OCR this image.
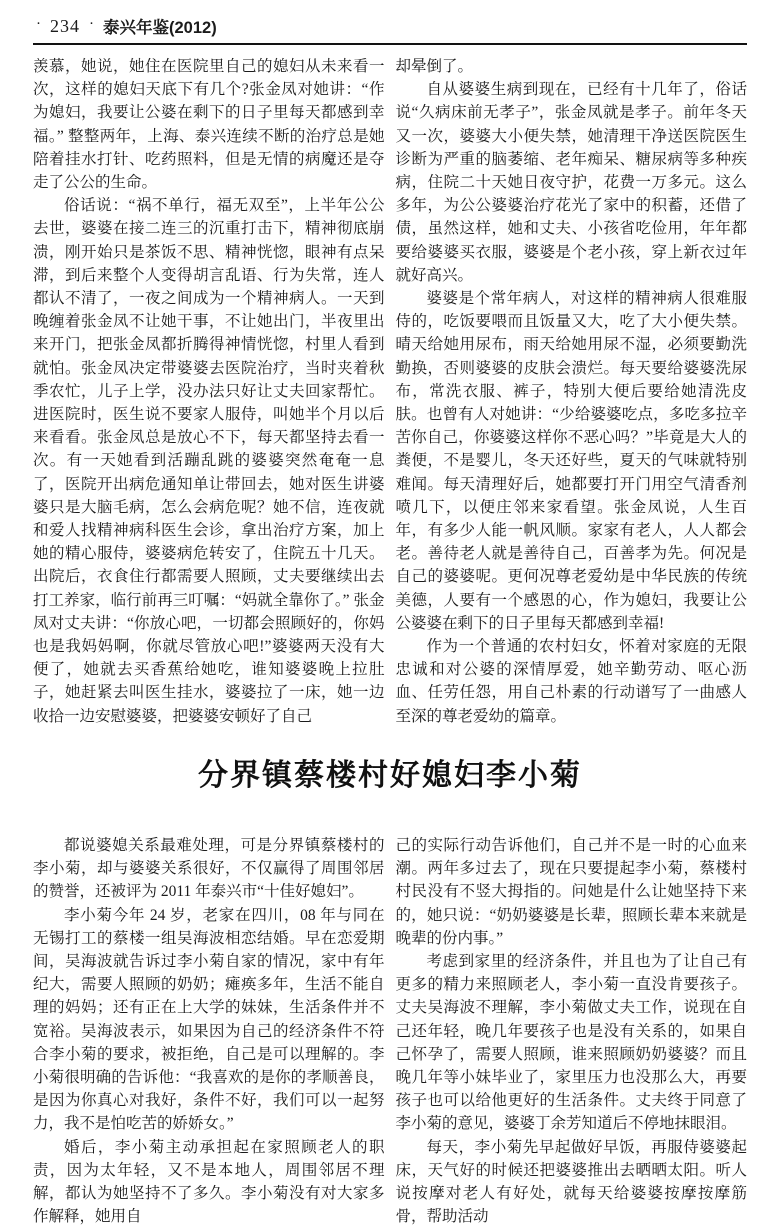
· 234 · 泰兴年鉴(2012)

羡慕，她说，她住在医院里自己的媳妇从未来看一次，这样的媳妇天底下有几个?张金凤对她讲：“作为媳妇，我要让公婆在剩下的日子里每天都感到幸福。” 整整两年，上海、泰兴连续不断的治疗总是她陪着挂水打针、吃药照料，但是无情的病魔还是夺走了公公的生命。

俗话说：“祸不单行，福无双至”，上半年公公去世，婆婆在接二连三的沉重打击下，精神彻底崩溃，刚开始只是茶饭不思、精神恍惚，眼神有点呆滞，到后来整个人变得胡言乱语、行为失常，连人都认不清了，一夜之间成为一个精神病人。一天到晚缠着张金凤不让她干事，不让她出门，半夜里出来开门，把张金凤都折腾得神情恍惚，村里人看到就怕。张金凤决定带婆婆去医院治疗，当时夹着秋季农忙，儿子上学，没办法只好让丈夫回家帮忙。进医院时，医生说不要家人服侍，叫她半个月以后来看看。张金凤总是放心不下，每天都坚持去看一次。有一天她看到活蹦乱跳的婆婆突然奄奄一息了，医院开出病危通知单让带回去，她对医生讲婆婆只是大脑毛病，怎么会病危呢？她不信，连夜就和爱人找精神病科医生会诊，拿出治疗方案，加上她的精心服侍，婆婆病危转安了，住院五十几天。出院后，衣食住行都需要人照顾，丈夫要继续出去打工养家，临行前再三叮嘱：“妈就全靠你了。” 张金凤对丈夫讲：“你放心吧，一切都会照顾好的，你妈也是我妈妈啊，你就尽管放心吧!”婆婆两天没有大便了，她就去买香蕉给她吃，谁知婆婆晚上拉肚子，她赶紧去叫医生挂水，婆婆拉了一床，她一边收拾一边安慰婆婆，把婆婆安顿好了自己

却晕倒了。

自从婆婆生病到现在，已经有十几年了，俗话说“久病床前无孝子”，张金凤就是孝子。前年冬天又一次，婆婆大小便失禁，她清理干净送医院医生诊断为严重的脑萎缩、老年痴呆、糖尿病等多种疾病，住院二十天她日夜守护，花费一万多元。这么多年，为公公婆婆治疗花光了家中的积蓄，还借了债，虽然这样，她和丈夫、小孩省吃俭用，年年都要给婆婆买衣服，婆婆是个老小孩，穿上新衣过年就好高兴。

婆婆是个常年病人，对这样的精神病人很难服侍的，吃饭要喂而且饭量又大，吃了大小便失禁。晴天给她用尿布，雨天给她用尿不湿，必须要勤洗勤换，否则婆婆的皮肤会溃烂。每天要给婆婆洗尿布，常洗衣服、裤子，特别大便后要给她清洗皮肤。也曾有人对她讲：“少给婆婆吃点，多吃多拉辛苦你自己，你婆婆这样你不恶心吗？”毕竟是大人的粪便，不是婴儿，冬天还好些，夏天的气味就特别难闻。每天清理好后，她都要打开门用空气清香剂喷几下，以便庄邻来家看望。张金凤说，人生百年，有多少人能一帆风顺。家家有老人，人人都会老。善待老人就是善待自己，百善孝为先。何况是自己的婆婆呢。更何况尊老爱幼是中华民族的传统美德，人要有一个感恩的心，作为媳妇，我要让公公婆婆在剩下的日子里每天都感到幸福!

作为一个普通的农村妇女，怀着对家庭的无限忠诚和对公婆的深情厚爱，她辛勤劳动、呕心沥血、任劳任怨，用自己朴素的行动谱写了一曲感人至深的尊老爱幼的篇章。

分界镇蔡楼村好媳妇李小菊

都说婆媳关系最难处理，可是分界镇蔡楼村的李小菊，却与婆婆关系很好，不仅赢得了周围邻居的赞誉，还被评为 2011 年泰兴市“十佳好媳妇”。

李小菊今年 24 岁，老家在四川，08 年与同在无锡打工的蔡楼一组吴海波相恋结婚。早在恋爱期间，吴海波就告诉过李小菊自家的情况，家中有年纪大，需要人照顾的奶奶；瘫痪多年，生活不能自理的妈妈；还有正在上大学的妹妹，生活条件并不宽裕。吴海波表示，如果因为自己的经济条件不符合李小菊的要求，被拒绝，自己是可以理解的。李小菊很明确的告诉他：“我喜欢的是你的孝顺善良，是因为你真心对我好，条件不好，我们可以一起努力，我不是怕吃苦的娇娇女。”

婚后，李小菊主动承担起在家照顾老人的职责，因为太年轻，又不是本地人，周围邻居不理解，都认为她坚持不了多久。李小菊没有对大家多作解释，她用自

己的实际行动告诉他们，自己并不是一时的心血来潮。两年多过去了，现在只要提起李小菊，蔡楼村村民没有不竖大拇指的。问她是什么让她坚持下来的，她只说：“奶奶婆婆是长辈，照顾长辈本来就是晚辈的份内事。”

考虑到家里的经济条件，并且也为了让自己有更多的精力来照顾老人，李小菊一直没肯要孩子。丈夫吴海波不理解，李小菊做丈夫工作，说现在自己还年轻，晚几年要孩子也是没有关系的，如果自己怀孕了，需要人照顾，谁来照顾奶奶婆婆？而且晚几年等小妹毕业了，家里压力也没那么大，再要孩子也可以给他更好的生活条件。丈夫终于同意了李小菊的意见，婆婆丁余芳知道后不停地抹眼泪。

每天，李小菊先早起做好早饭，再服侍婆婆起床，天气好的时候还把婆婆推出去晒晒太阳。听人说按摩对老人有好处，就每天给婆婆按摩按摩筋骨，帮助活动
